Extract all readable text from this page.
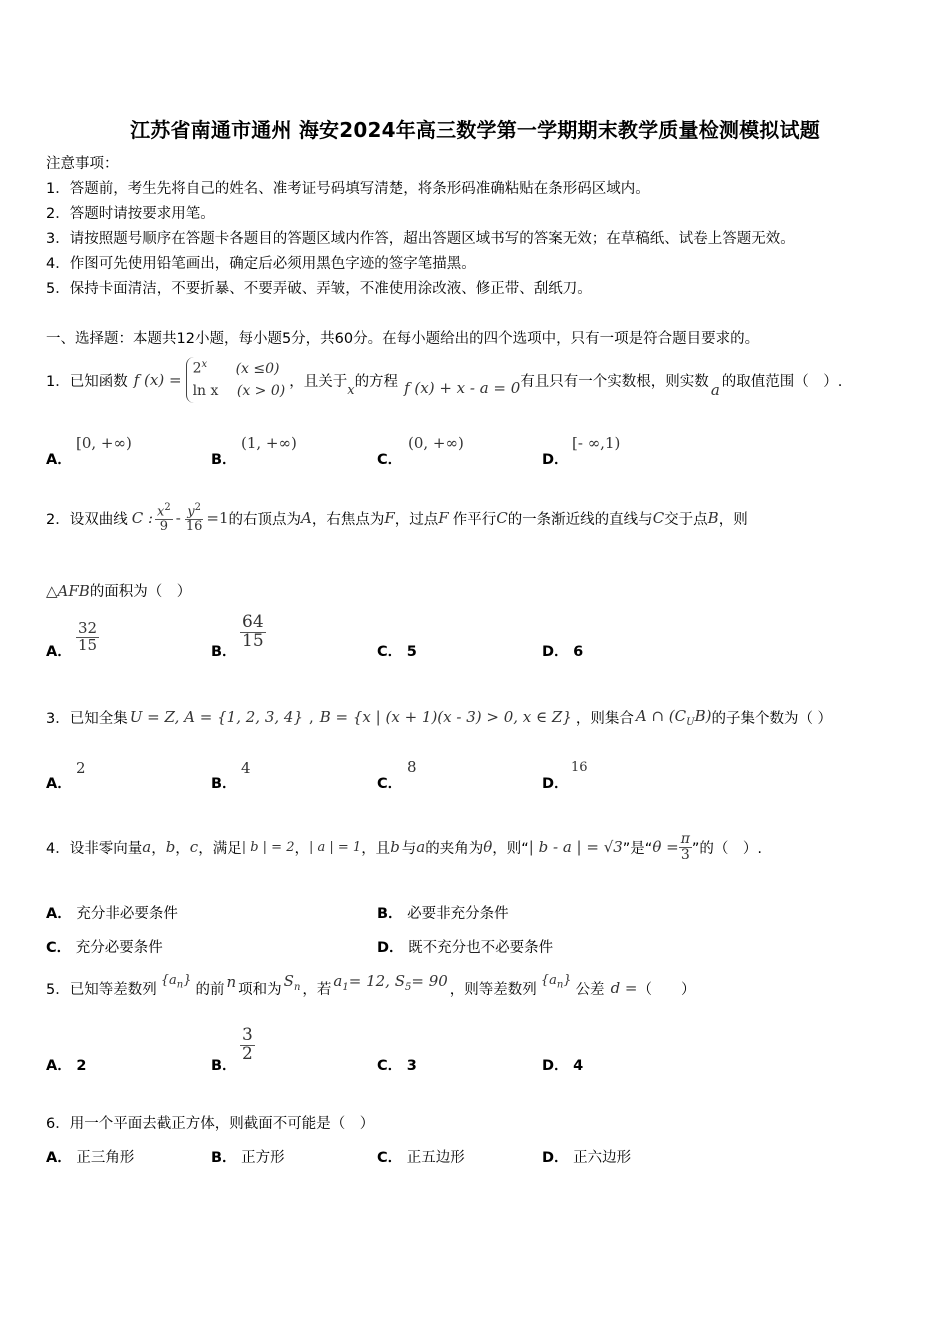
江苏省南通市通州 海安2024年高三数学第一学期期末教学质量检测模拟试题
注意事项：
1．答题前，考生先将自己的姓名、准考证号码填写清楚，将条形码准确粘贴在条形码区域内。
2．答题时请按要求用笔。
3．请按照题号顺序在答题卡各题目的答题区域内作答，超出答题区域书写的答案无效；在草稿纸、试卷上答题无效。
4．作图可先使用铅笔画出，确定后必须用黑色字迹的签字笔描黑。
5．保持卡面清洁，不要折暴、不要弄破、弄皱，不准使用涂改液、修正带、刮纸刀。
一、选择题：本题共12小题，每小题5分，共60分。在每小题给出的四个选项中，只有一项是符合题目要求的。
1．已知函数 f (x) =
$2^x$ (x ≤0)
ln x (x > 0)
，且关于
x
的方程 f (x) + x - a = 0 有且只有一个实数根，则实数 a 的取值范围（　）.
A．
[0, +∞)
B．
(1, +∞)
C．
(0, +∞)
D．
[- ∞,1)
2．设双曲线 C : $\frac{x^2}{9} - \frac{y^2}{16} =1$ 的右顶点为 A ，右焦点为 F ，过点 F 作平行 C 的一条渐近线的直线与 C 交于点 B ，则
△AFB的面积为（　）
A． $\frac{32}{15}$	B．
$\frac{64}{15}$
C． 5	D． 6
3．已知全集 U = Z, A = {1, 2, 3, 4} , B = {x | (x + 1)(x - 3) > 0, x ∈ Z} ，则集合 A ∩ $(C_UB)$ 的子集个数为（ ）
A．
2
B．
4
C．
8
D．
16
4．设非零向量 a ， b ， c ，满足 | b | = 2 ， | a | = 1 ，且 b 与 a 的夹角为 θ ，则“ | b - a | = √3 ”是“ $\theta = \frac{\pi}{3}$ ”的（　）.
A． 充分非必要条件	B． 必要非充分条件
C． 充分必要条件	D． 既不充分也不必要条件
5．已知等差数列
$\{a_n\}$
的前 n 项和为 $S_n$ ，若 $a_1= 12$, $S_5= 90$ ，则等差数列
$\{a_n\}$
公差 d = （　　）
A． 2	B．
$\frac{3}{2}$
C． 3	D． 4
6．用一个平面去截正方体，则截面不可能是（　）
A． 正三角形	B． 正方形	C． 正五边形	D． 正六边形
